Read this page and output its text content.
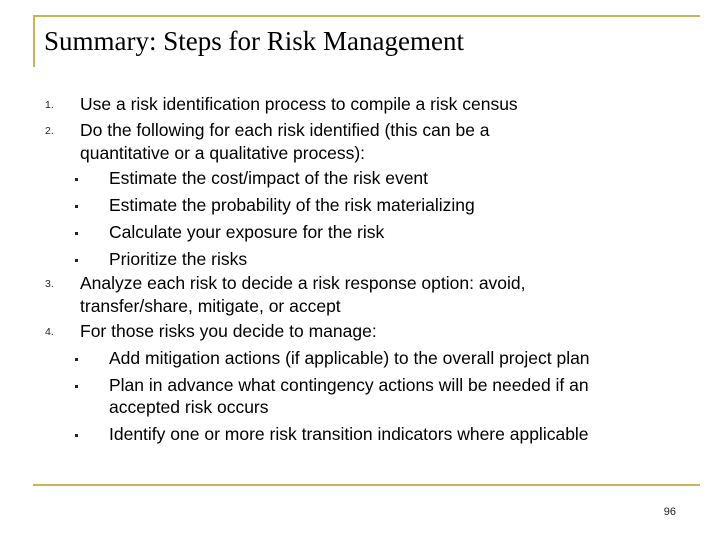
Summary: Steps for Risk Management
1. Use a risk identification process to compile a risk census
2. Do the following for each risk identified (this can be a
quantitative or a qualitative process):
Estimate the cost/impact of the risk event
Estimate the probability of the risk materializing
Calculate your exposure for the risk
Prioritize the risks
3. Analyze each risk to decide a risk response option: avoid,
transfer/share, mitigate, or accept
4. For those risks you decide to manage:
Add mitigation actions (if applicable) to the overall project plan
Plan in advance what contingency actions will be needed if an
accepted risk occurs
Identify one or more risk transition indicators where applicable
96
